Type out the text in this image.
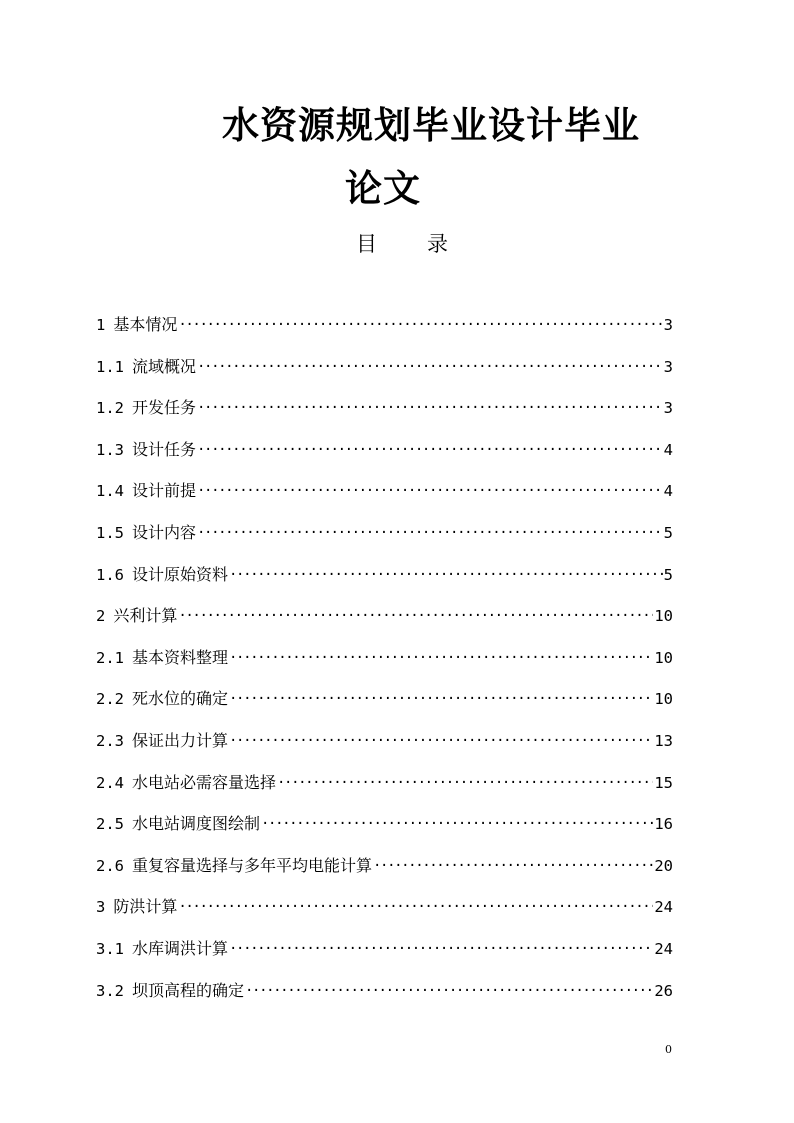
水资源规划毕业设计毕业
论文
目录
1 基本情况 ·····	3
1.1 流域概况 ·····	3
1.2 开发任务 ·····	3
1.3 设计任务 ·····	4
1.4 设计前提 ·····	4
1.5 设计内容 ·····	5
1.6 设计原始资料 ·····	5
2 兴利计算 ·····	10
2.1 基本资料整理 ·····	10
2.2 死水位的确定 ·····	10
2.3 保证出力计算 ·····	13
2.4 水电站必需容量选择 ·····	15
2.5 水电站调度图绘制 ·····	16
2.6 重复容量选择与多年平均电能计算 ·····	20
3 防洪计算 ·····	24
3.1 水库调洪计算 ·····	24
3.2 坝顶高程的确定 ·····	26
0
